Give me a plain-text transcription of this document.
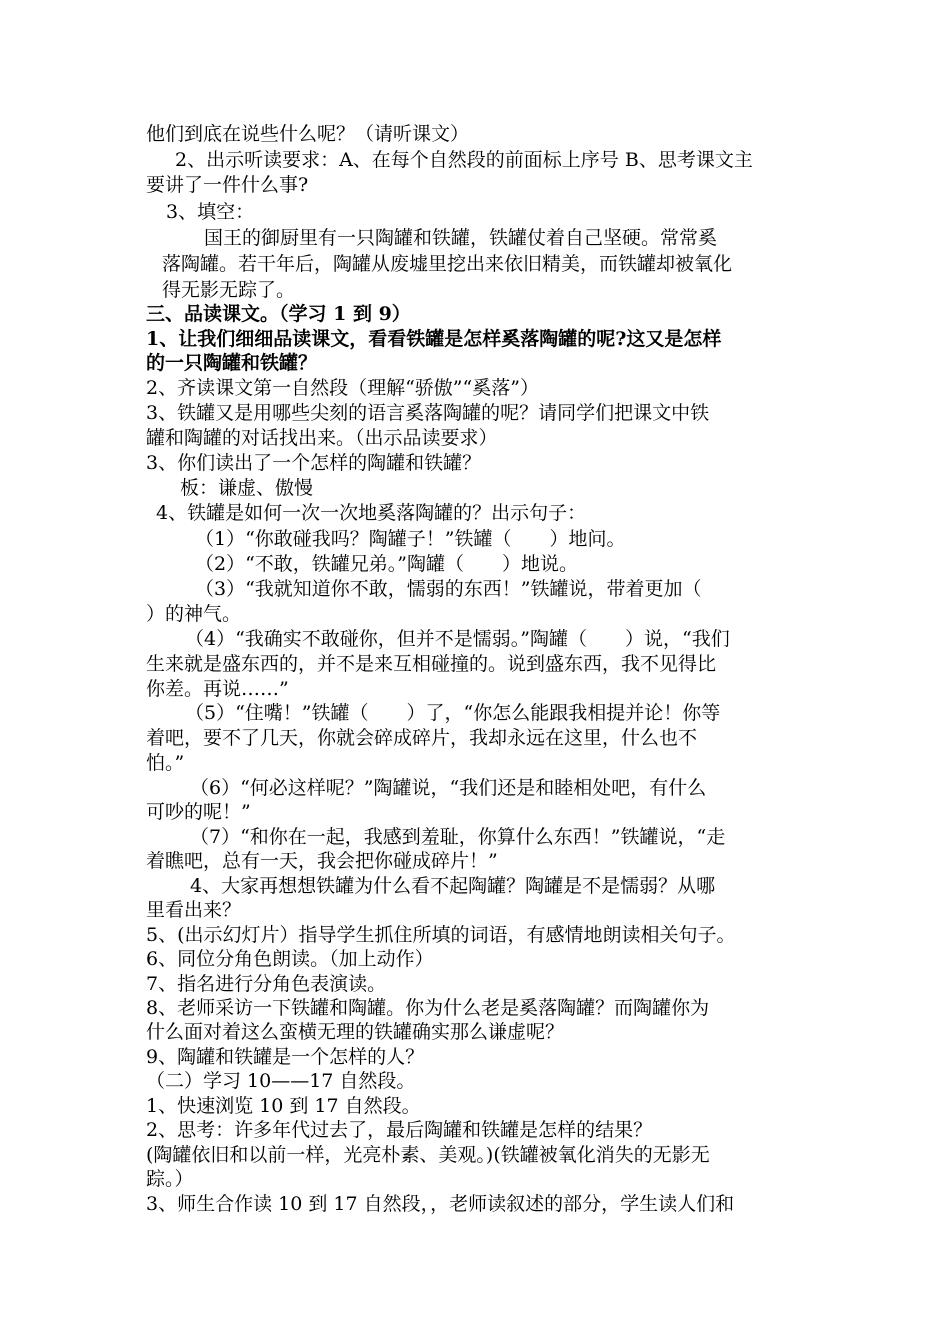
他们到底在说些什么呢？（请听课文）
2、出示听读要求：A、在每个自然段的前面标上序号 B、思考课文主
要讲了一件什么事?
3、填空：
国王的御厨里有一只陶罐和铁罐，铁罐仗着自己坚硬。常常奚
落陶罐。若干年后，陶罐从废墟里挖出来依旧精美，而铁罐却被氧化
得无影无踪了。
三、品读课文。（学习 1 到 9）
1、让我们细细品读课文，看看铁罐是怎样奚落陶罐的呢?这又是怎样
的一只陶罐和铁罐？
2、齐读课文第一自然段（理解“骄傲”“奚落”）
3、铁罐又是用哪些尖刻的语言奚落陶罐的呢？请同学们把课文中铁
罐和陶罐的对话找出来。（出示品读要求）
3、你们读出了一个怎样的陶罐和铁罐？
板：谦虚、傲慢
4、铁罐是如何一次一次地奚落陶罐的？出示句子：
（1）“你敢碰我吗？陶罐子！”铁罐（　　）地问。
（2）“不敢，铁罐兄弟。”陶罐（　　）地说。
（3）“我就知道你不敢，懦弱的东西！”铁罐说，带着更加（
）的神气。
（4）“我确实不敢碰你，但并不是懦弱。”陶罐（　　）说，“我们
生来就是盛东西的，并不是来互相碰撞的。说到盛东西，我不见得比
你差。再说……”
（5）“住嘴！”铁罐（　　）了，“你怎么能跟我相提并论！你等
着吧，要不了几天，你就会碎成碎片，我却永远在这里，什么也不
怕。”
（6）“何必这样呢？”陶罐说，“我们还是和睦相处吧，有什么
可吵的呢！”
（7）“和你在一起，我感到羞耻，你算什么东西！”铁罐说，“走
着瞧吧，总有一天，我会把你碰成碎片！”
4、大家再想想铁罐为什么看不起陶罐？陶罐是不是懦弱？从哪
里看出来？
5、(出示幻灯片）指导学生抓住所填的词语，有感情地朗读相关句子。
6、同位分角色朗读。（加上动作）
7、指名进行分角色表演读。
8、老师采访一下铁罐和陶罐。你为什么老是奚落陶罐？而陶罐你为
什么面对着这么蛮横无理的铁罐确实那么谦虚呢？
9、陶罐和铁罐是一个怎样的人？
（二）学习 10——17 自然段。
1、快速浏览 10 到 17 自然段。
2、思考：许多年代过去了，最后陶罐和铁罐是怎样的结果？
(陶罐依旧和以前一样，光亮朴素、美观。)(铁罐被氧化消失的无影无
踪。）
3、师生合作读 10 到 17 自然段，，老师读叙述的部分，学生读人们和
